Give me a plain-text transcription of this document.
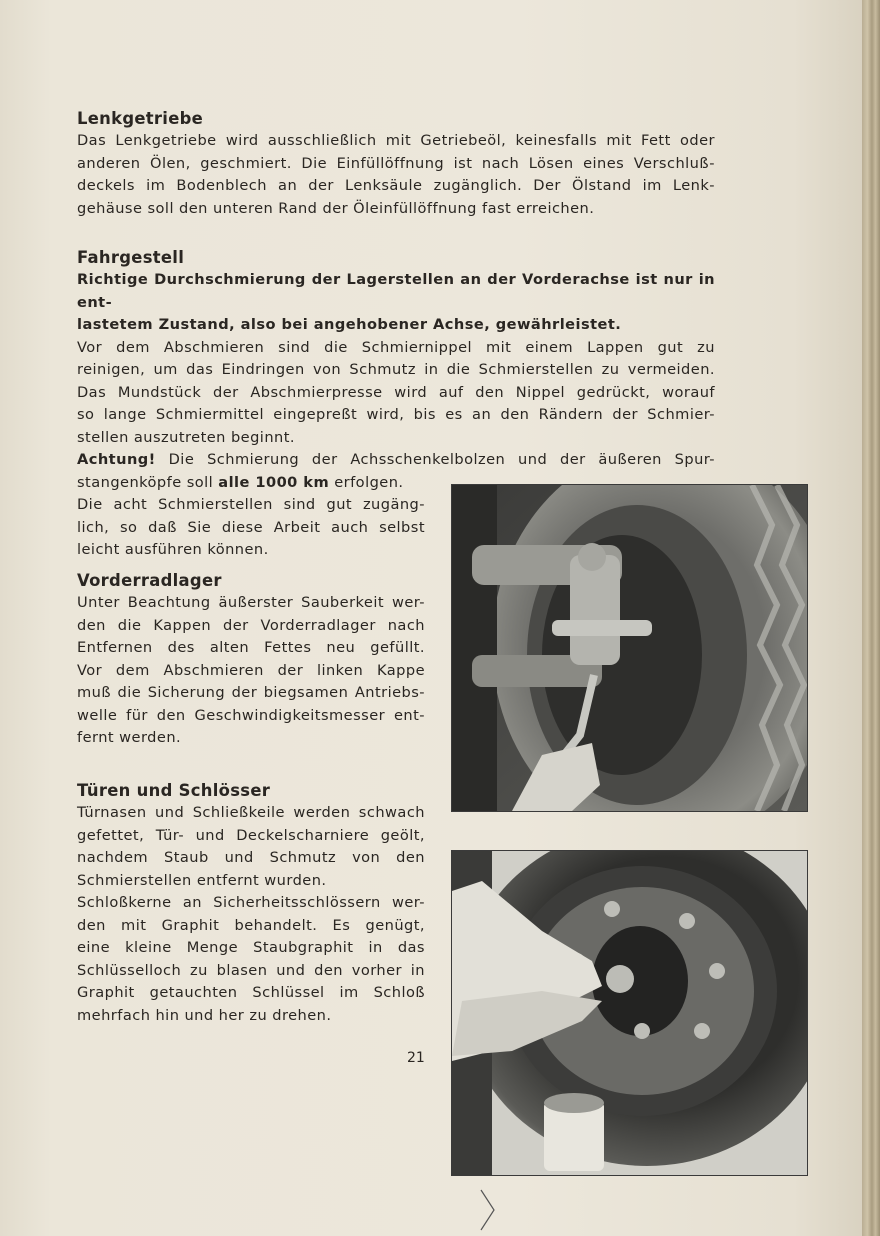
Lenkgetriebe

Das Lenkgetriebe wird ausschließlich mit Getriebeöl, keinesfalls mit Fett oder

anderen Ölen, geschmiert. Die Einfüllöffnung ist nach Lösen eines Verschluß-

deckels im Bodenblech an der Lenksäule zugänglich. Der Ölstand im Lenk-

gehäuse soll den unteren Rand der Öleinfüllöffnung fast erreichen.

Fahrgestell

Richtige Durchschmierung der Lagerstellen an der Vorderachse ist nur in ent-

lastetem Zustand, also bei angehobener Achse, gewährleistet.

Vor dem Abschmieren sind die Schmiernippel mit einem Lappen gut zu

reinigen, um das Eindringen von Schmutz in die Schmierstellen zu vermeiden.

Das Mundstück der Abschmierpresse wird auf den Nippel gedrückt, worauf

so lange Schmiermittel eingepreßt wird, bis es an den Rändern der Schmier-

stellen auszutreten beginnt.

Achtung! Die Schmierung der Achsschenkelbolzen und der äußeren Spur-

stangenköpfe soll alle 1000 km erfolgen.

Die acht Schmierstellen sind gut zugäng-

lich, so daß Sie diese Arbeit auch selbst

leicht ausführen können.

Vorderradlager

Unter Beachtung äußerster Sauberkeit wer-

den die Kappen der Vorderradlager nach

Entfernen des alten Fettes neu gefüllt.

Vor dem Abschmieren der linken Kappe

muß die Sicherung der biegsamen Antriebs-

welle für den Geschwindigkeitsmesser ent-

fernt werden.

Türen und Schlösser

Türnasen und Schließkeile werden schwach

gefettet, Tür- und Deckelscharniere geölt,

nachdem Staub und Schmutz von den

Schmierstellen entfernt wurden.

Schloßkerne an Sicherheitsschlössern wer-

den mit Graphit behandelt. Es genügt,

eine kleine Menge Staubgraphit in das

Schlüsselloch zu blasen und den vorher in

Graphit getauchten Schlüssel im Schloß

mehrfach hin und her zu drehen.

21
